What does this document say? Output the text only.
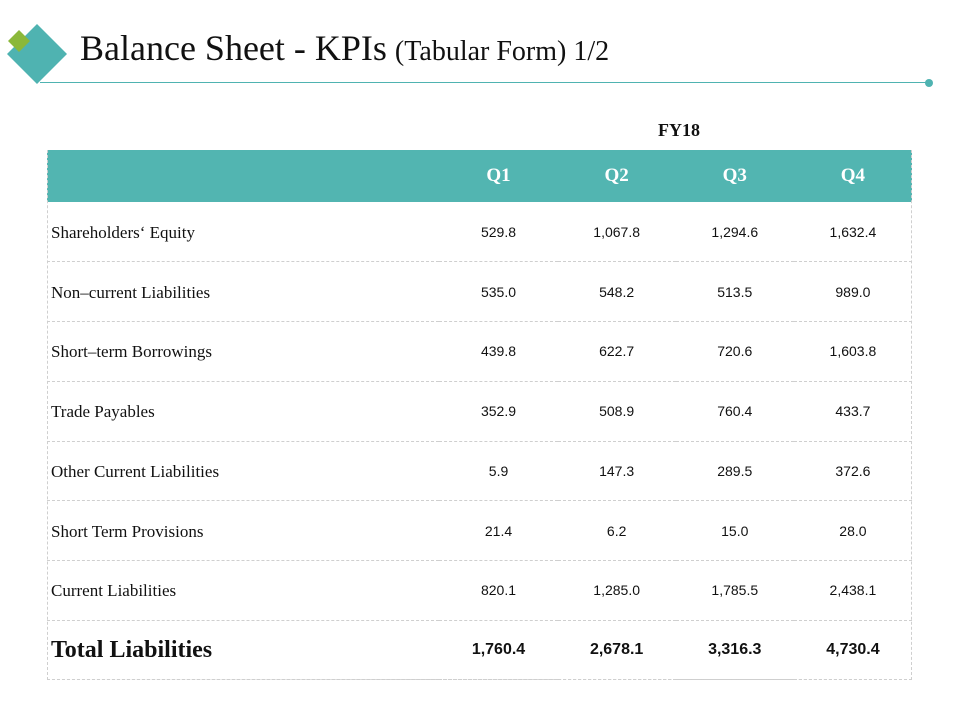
Balance Sheet - KPIs (Tabular Form) 1/2
FY18
	Q1	Q2	Q3	Q4
Shareholders‘ Equity	529.8	1,067.8	1,294.6	1,632.4
Non–current Liabilities	535.0	548.2	513.5	989.0
Short–term Borrowings	439.8	622.7	720.6	1,603.8
Trade Payables	352.9	508.9	760.4	433.7
Other Current Liabilities	5.9	147.3	289.5	372.6
Short Term Provisions	21.4	6.2	15.0	28.0
Current Liabilities	820.1	1,285.0	1,785.5	2,438.1
Total Liabilities	1,760.4	2,678.1	3,316.3	4,730.4
